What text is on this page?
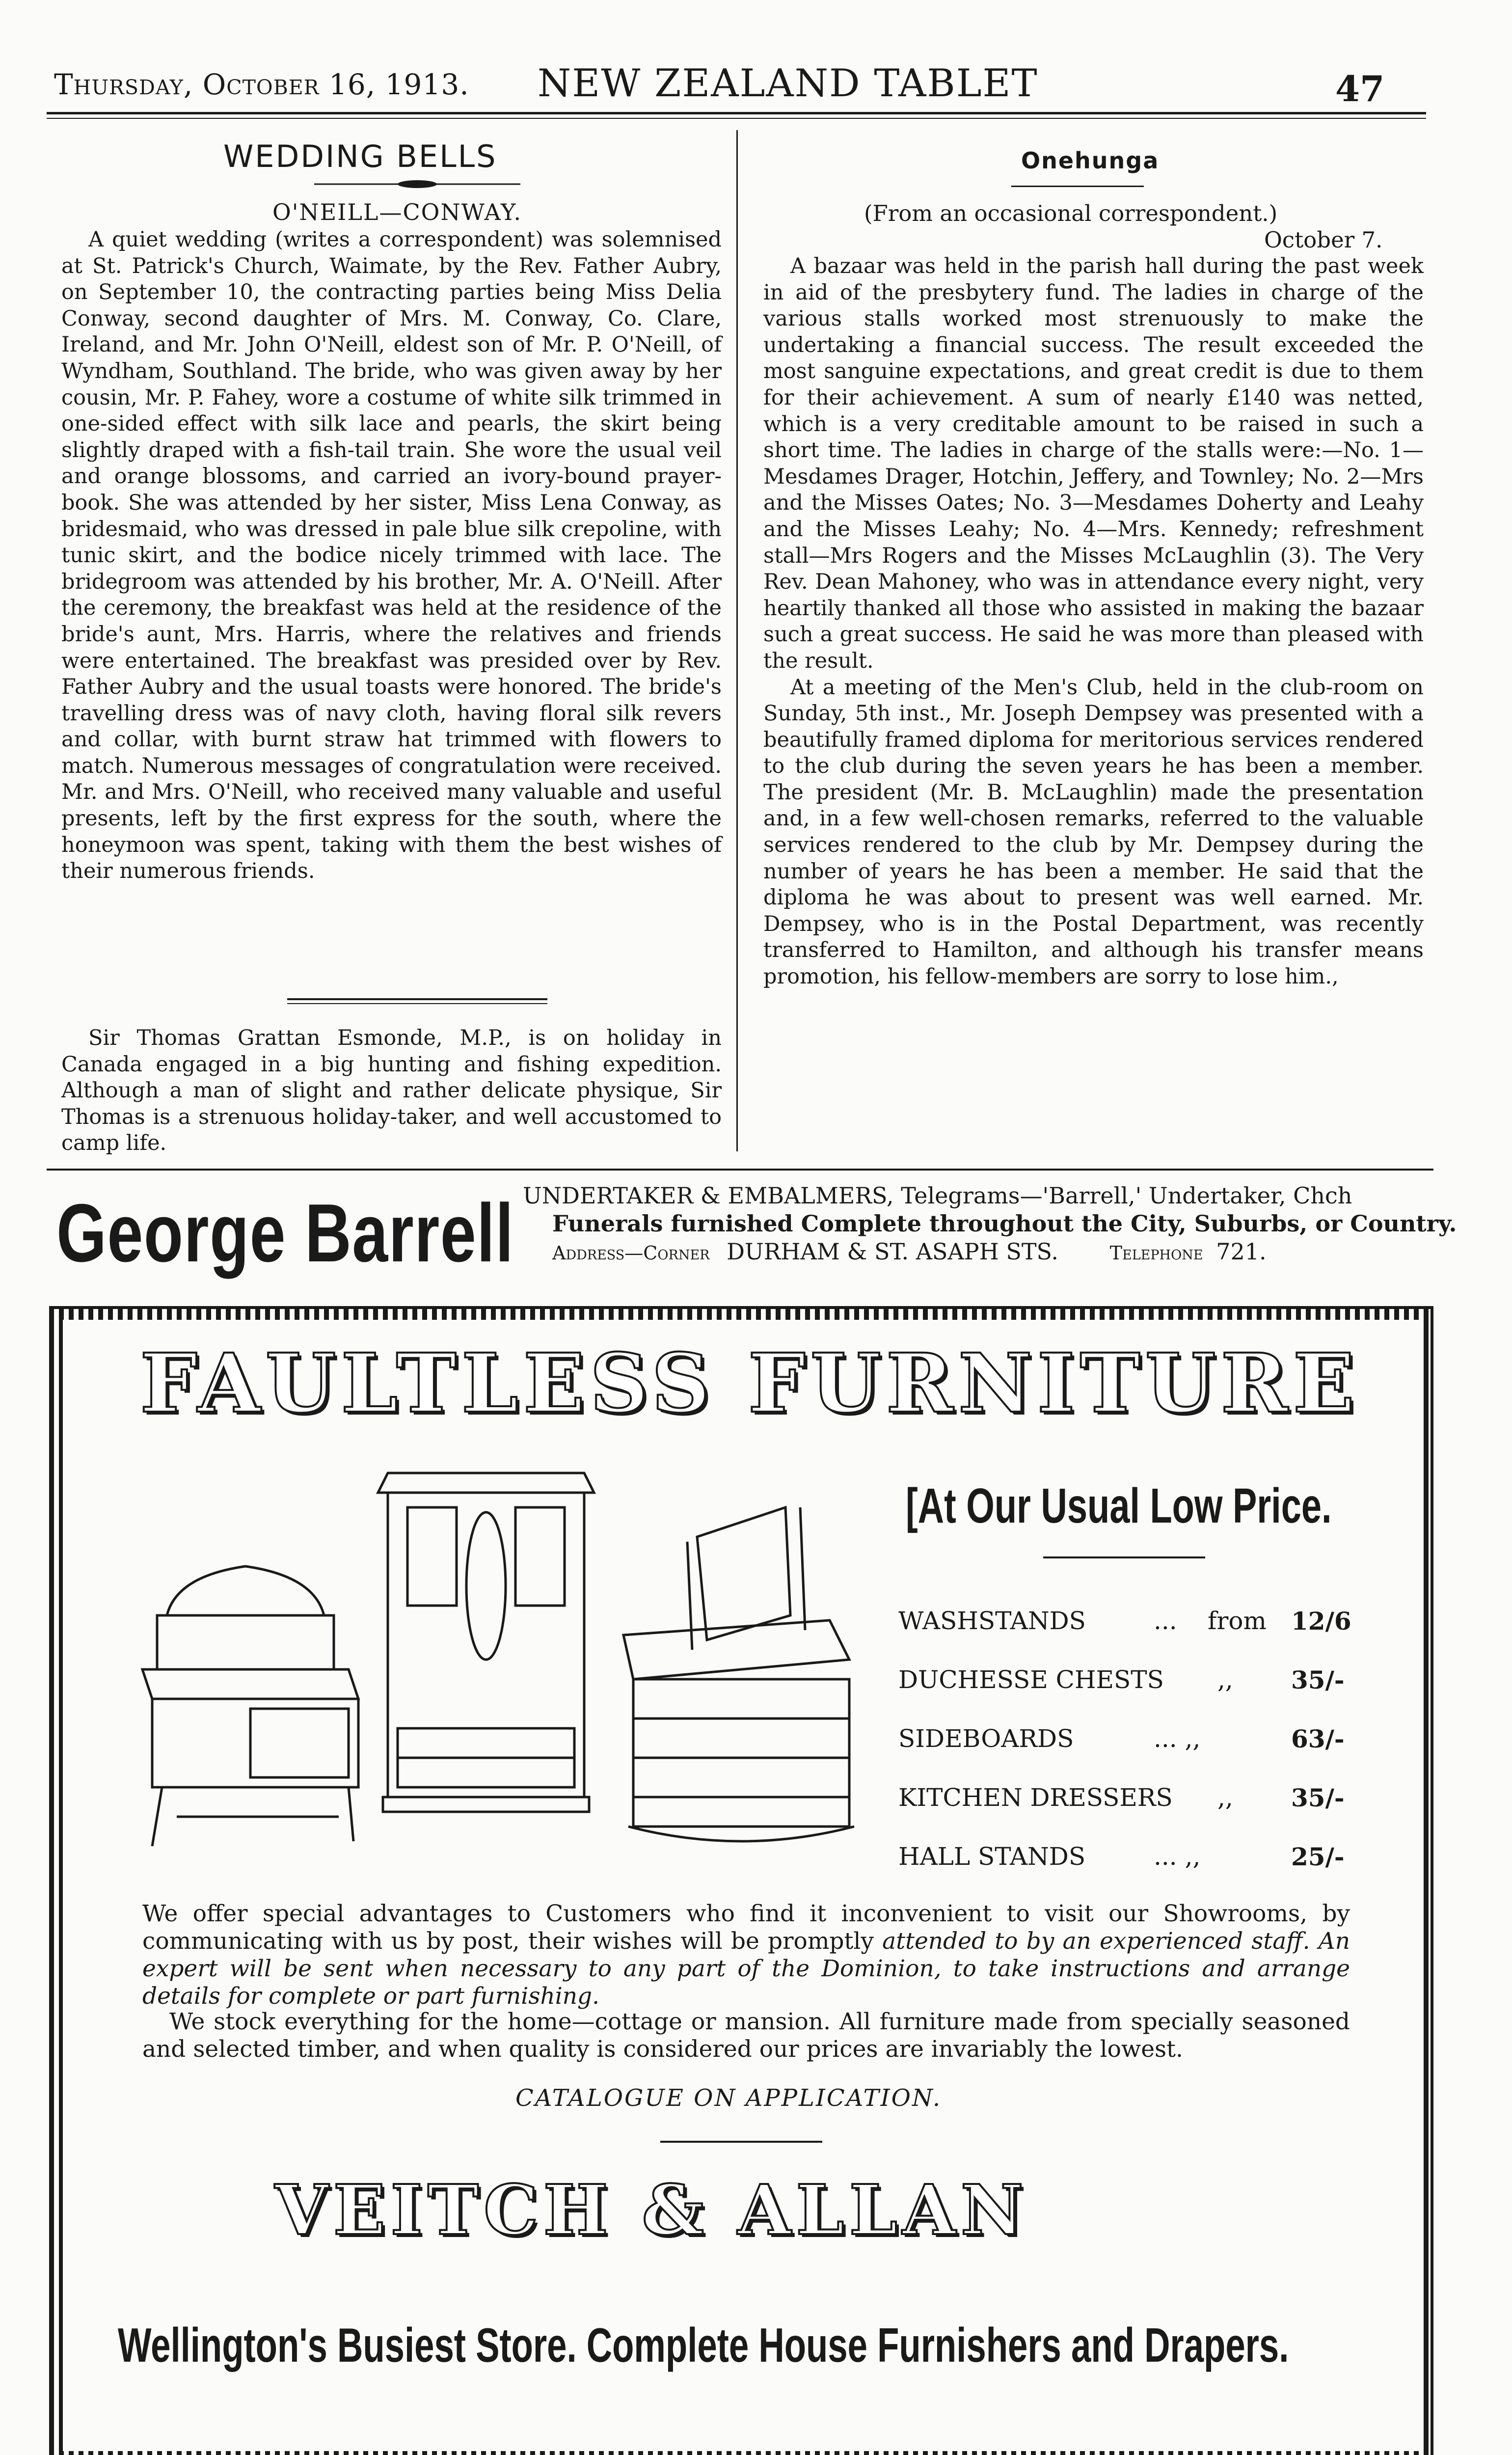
Thursday, October 16, 1913. NEW ZEALAND TABLET	47
WEDDING BELLS
O'NEILL—CONWAY.

A quiet wedding (writes a correspondent) was solemnised at St. Patrick's Church, Waimate, by the Rev. Father Aubry, on September 10, the contracting parties being Miss Delia Conway, second daughter of Mrs. M. Conway, Co. Clare, Ireland, and Mr. John O'Neill, eldest son of Mr. P. O'Neill, of Wyndham, Southland. The bride, who was given away by her cousin, Mr. P. Fahey, wore a costume of white silk trimmed in one-sided effect with silk lace and pearls, the skirt being slightly draped with a fish-tail train. She wore the usual veil and orange blossoms, and carried an ivory-bound prayer-book. She was attended by her sister, Miss Lena Conway, as bridesmaid, who was dressed in pale blue silk crepoline, with tunic skirt, and the bodice nicely trimmed with lace. The bridegroom was attended by his brother, Mr. A. O'Neill. After the ceremony, the breakfast was held at the residence of the bride's aunt, Mrs. Harris, where the relatives and friends were entertained. The breakfast was presided over by Rev. Father Aubry and the usual toasts were honored. The bride's travelling dress was of navy cloth, having floral silk revers and collar, with burnt straw hat trimmed with flowers to match. Numerous messages of congratulation were received. Mr. and Mrs. O'Neill, who received many valuable and useful presents, left by the first express for the south, where the honeymoon was spent, taking with them the best wishes of their numerous friends.

Sir Thomas Grattan Esmonde, M.P., is on holiday in Canada engaged in a big hunting and fishing expedition. Although a man of slight and rather delicate physique, Sir Thomas is a strenuous holiday-taker, and well accustomed to camp life.

Onehunga
(From an occasional correspondent.)
October 7.

A bazaar was held in the parish hall during the past week in aid of the presbytery fund. The ladies in charge of the various stalls worked most strenuously to make the undertaking a financial success. The result exceeded the most sanguine expectations, and great credit is due to them for their achievement. A sum of nearly £140 was netted, which is a very creditable amount to be raised in such a short time. The ladies in charge of the stalls were:—No. 1—Mesdames Drager, Hotchin, Jeffery, and Townley; No. 2—Mrs and the Misses Oates; No. 3—Mesdames Doherty and Leahy and the Misses Leahy; No. 4—Mrs. Kennedy; refreshment stall—Mrs Rogers and the Misses McLaughlin (3). The Very Rev. Dean Mahoney, who was in attendance every night, very heartily thanked all those who assisted in making the bazaar such a great success. He said he was more than pleased with the result.

At a meeting of the Men's Club, held in the club-room on Sunday, 5th inst., Mr. Joseph Dempsey was presented with a beautifully framed diploma for meritorious services rendered to the club during the seven years he has been a member. The president (Mr. B. McLaughlin) made the presentation and, in a few well-chosen remarks, referred to the valuable services rendered to the club by Mr. Dempsey during the number of years he has been a member. He said that the diploma he was about to present was well earned. Mr. Dempsey, who is in the Postal Department, was recently transferred to Hamilton, and although his transfer means promotion, his fellow-members are sorry to lose him.,

George Barrell UNDERTAKER & EMBALMERS, Telegrams—'Barrell,' Undertaker, Chch
Funerals furnished Complete throughout the City, Suburbs, or Country.
Address—Corner DURHAM & ST. ASAPH STS.	Telephone 721.
FAULTLESS FURNITURE
[At Our Usual Low Price.
WASHSTANDS	... from 12/6
DUCHESSE CHESTS ,, 35/-
SIDEBOARDS	... ,,	63/-
KITCHEN DRESSERS ,, 35/-
HALL STANDS	... ,,	25/-

We offer special advantages to Customers who find it inconvenient to visit our Showrooms, by communicating with us by post, their wishes will be promptly attended to by an experienced staff. An expert will be sent when necessary to any part of the Dominion, to take instructions and arrange details for complete or part furnishing.

We stock everything for the home—cottage or mansion. All furniture made from specially seasoned and selected timber, and when quality is considered our prices are invariably the lowest.

CATALOGUE ON APPLICATION.
VEITCH & ALLAN
Wellington's Busiest Store. Complete House Furnishers and Drapers.
